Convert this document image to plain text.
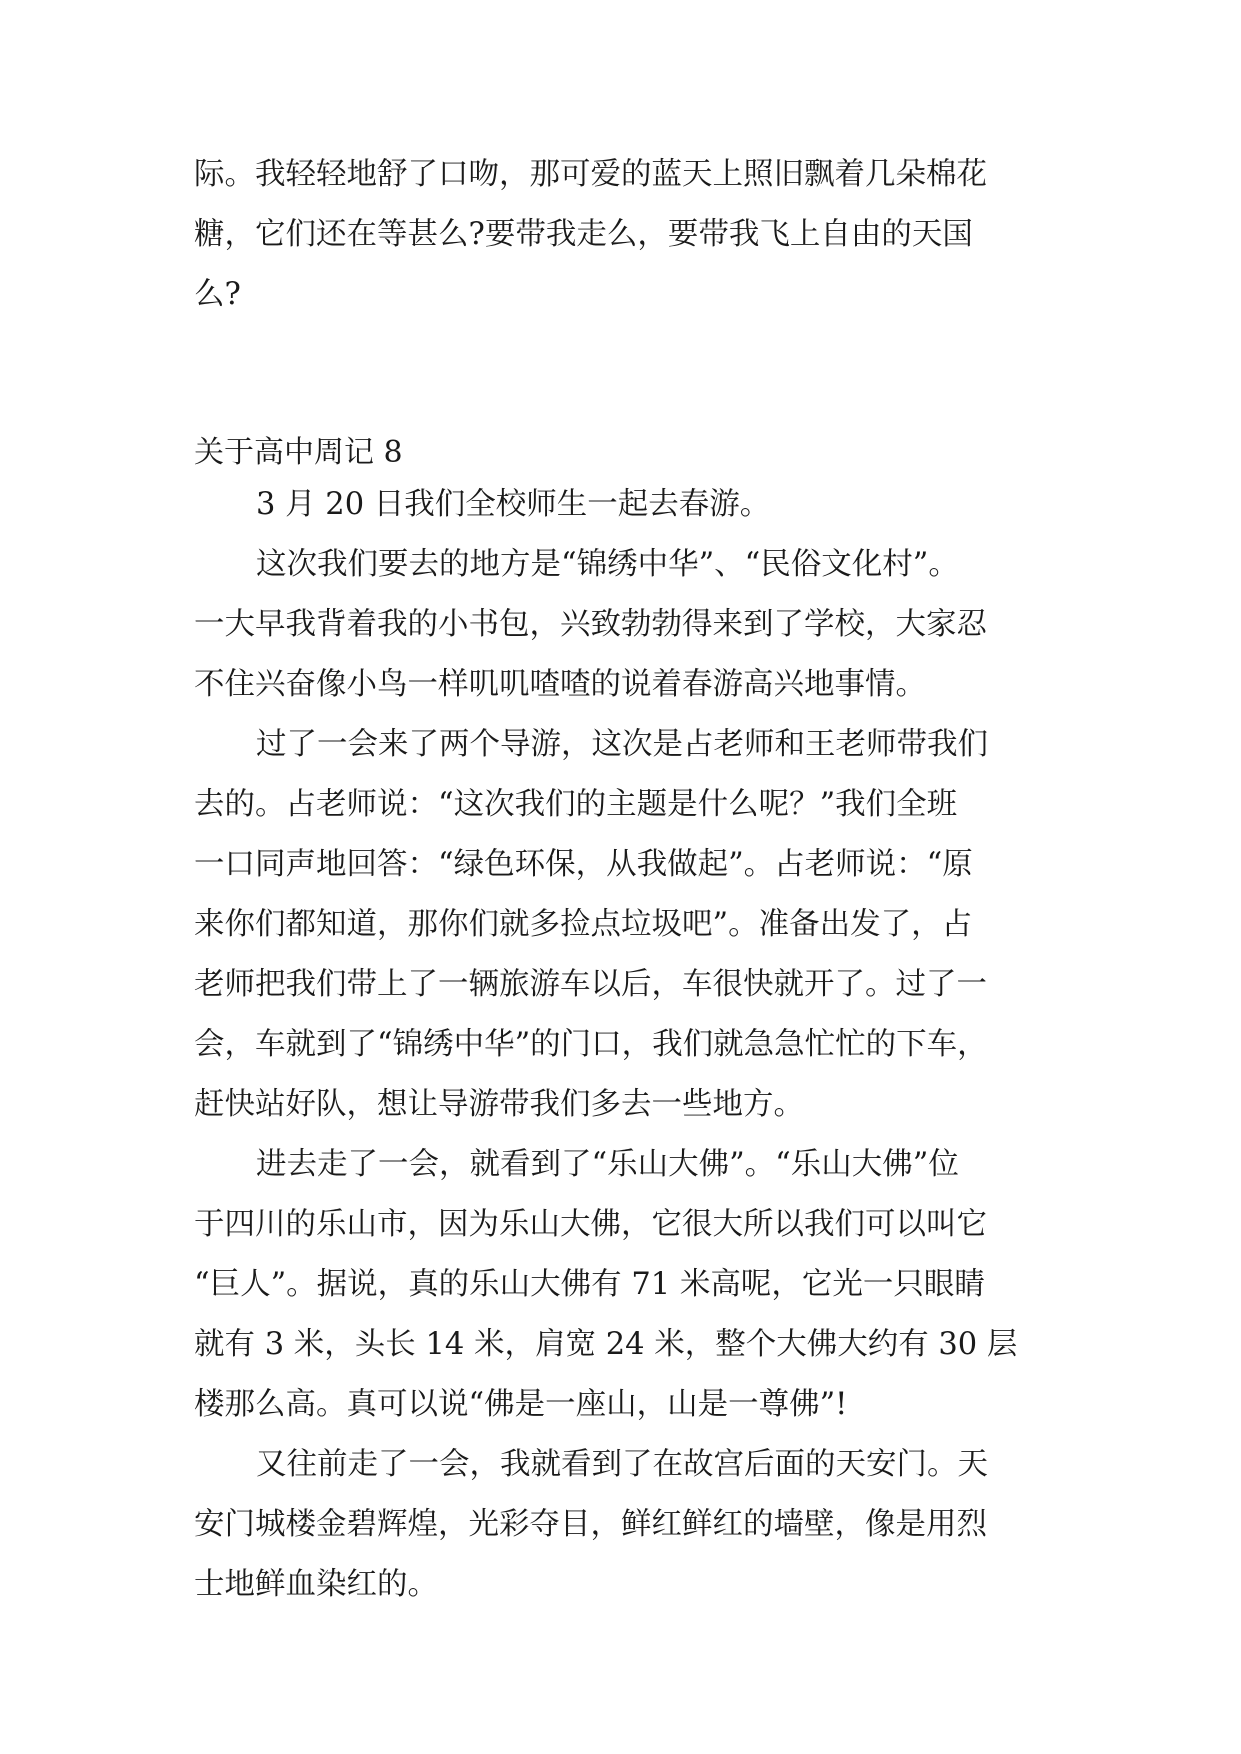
际。我轻轻地舒了口吻，那可爱的蓝天上照旧飘着几朵棉花
糖，它们还在等甚么?要带我走么，要带我飞上自由的天国
么?
关于高中周记 8
3 月 20 日我们全校师生一起去春游。
这次我们要去的地方是“锦绣中华”、“民俗文化村”。
一大早我背着我的小书包，兴致勃勃得来到了学校，大家忍
不住兴奋像小鸟一样叽叽喳喳的说着春游高兴地事情。
过了一会来了两个导游，这次是占老师和王老师带我们
去的。占老师说：“这次我们的主题是什么呢？”我们全班
一口同声地回答：“绿色环保，从我做起”。占老师说：“原
来你们都知道，那你们就多捡点垃圾吧”。准备出发了，占
老师把我们带上了一辆旅游车以后，车很快就开了。过了一
会，车就到了“锦绣中华”的门口，我们就急急忙忙的下车，
赶快站好队，想让导游带我们多去一些地方。
进去走了一会，就看到了“乐山大佛”。“乐山大佛”位
于四川的乐山市，因为乐山大佛，它很大所以我们可以叫它
“巨人”。据说，真的乐山大佛有 71 米高呢，它光一只眼睛
就有 3 米，头长 14 米，肩宽 24 米，整个大佛大约有 30 层
楼那么高。真可以说“佛是一座山，山是一尊佛”!
又往前走了一会，我就看到了在故宫后面的天安门。天
安门城楼金碧辉煌，光彩夺目，鲜红鲜红的墙壁，像是用烈
士地鲜血染红的。
